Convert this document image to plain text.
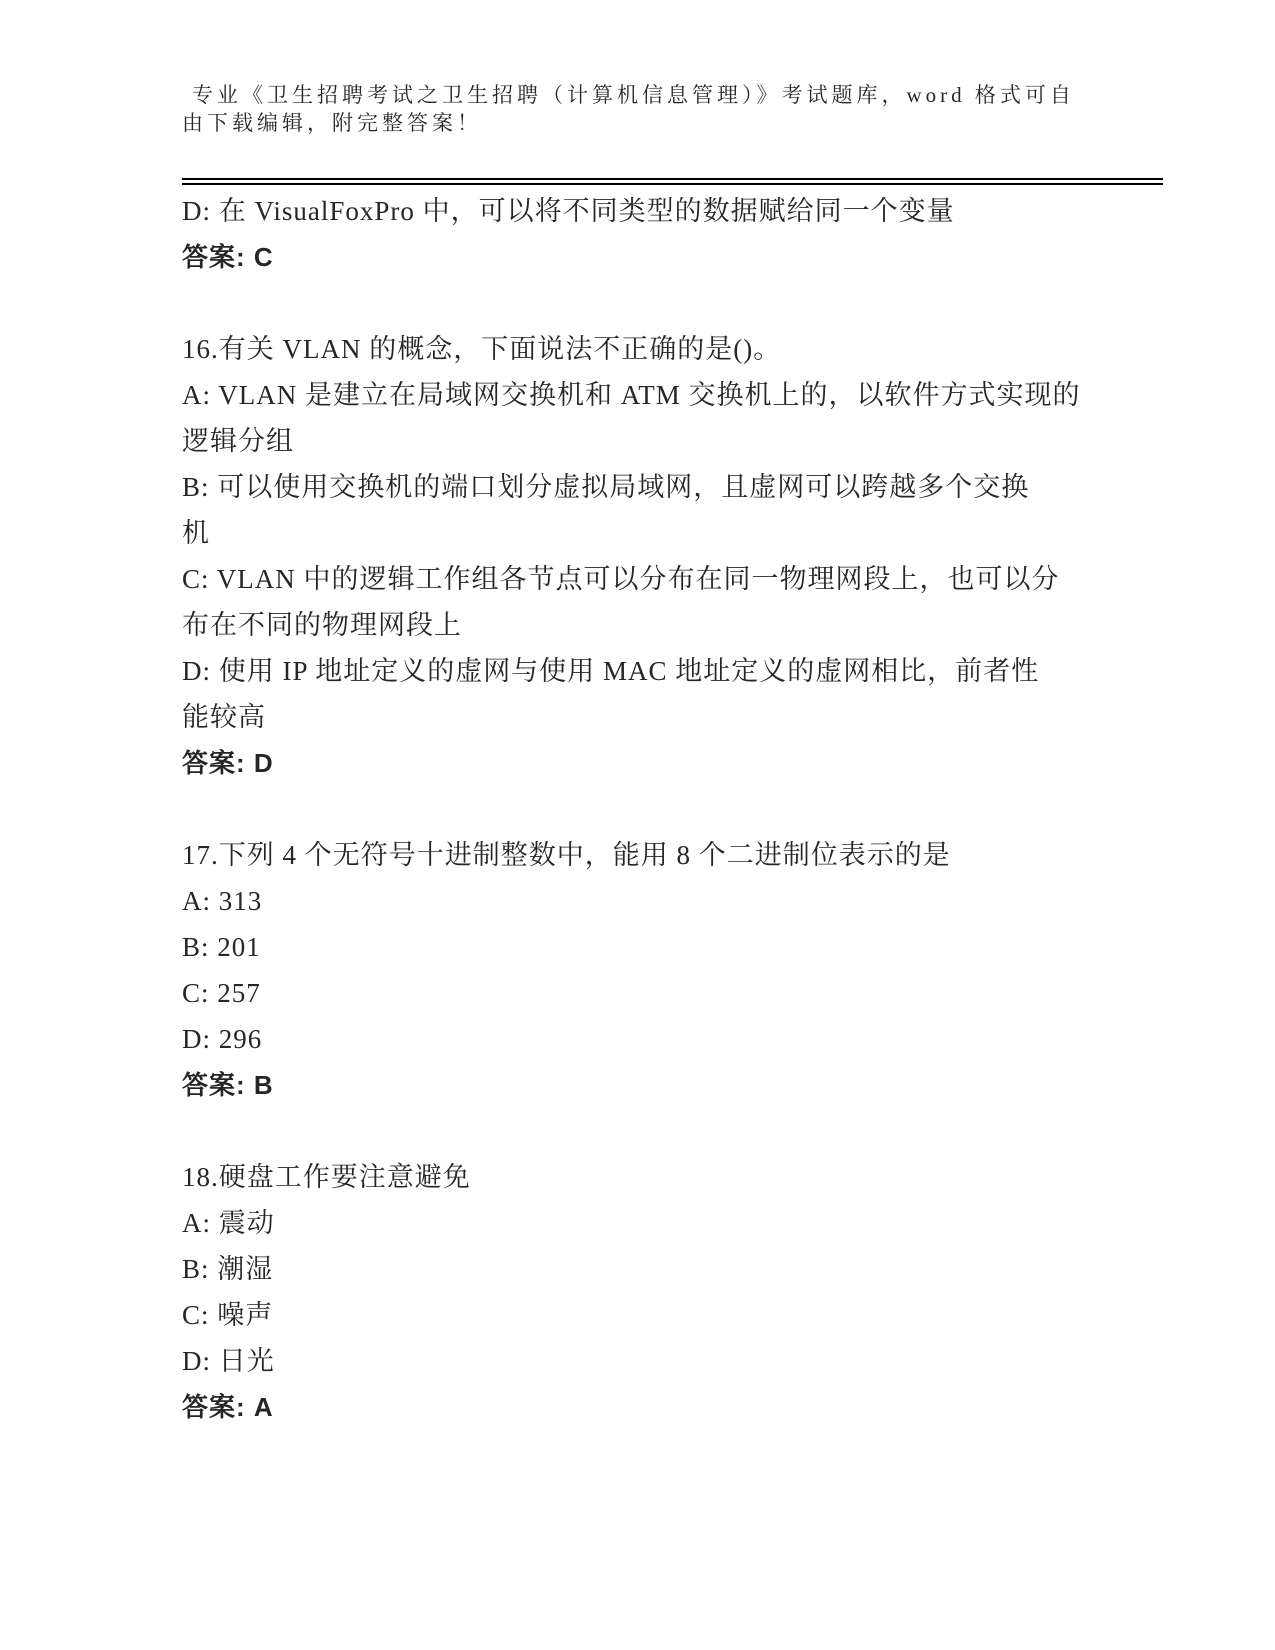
专业《卫生招聘考试之卫生招聘（计算机信息管理）》考试题库，word 格式可自
由下载编辑，附完整答案！
D: 在 VisualFoxPro 中，可以将不同类型的数据赋给同一个变量
答案: C
16.有关 VLAN 的概念，下面说法不正确的是()。
A: VLAN 是建立在局域网交换机和 ATM 交换机上的，以软件方式实现的
逻辑分组
B: 可以使用交换机的端口划分虚拟局域网，且虚网可以跨越多个交换
机
C: VLAN 中的逻辑工作组各节点可以分布在同一物理网段上，也可以分
布在不同的物理网段上
D: 使用 IP 地址定义的虚网与使用 MAC 地址定义的虚网相比，前者性
能较高
答案: D
17.下列 4 个无符号十进制整数中，能用 8 个二进制位表示的是
A: 313
B: 201
C: 257
D: 296
答案: B
18.硬盘工作要注意避免
A: 震动
B: 潮湿
C: 噪声
D: 日光
答案: A
